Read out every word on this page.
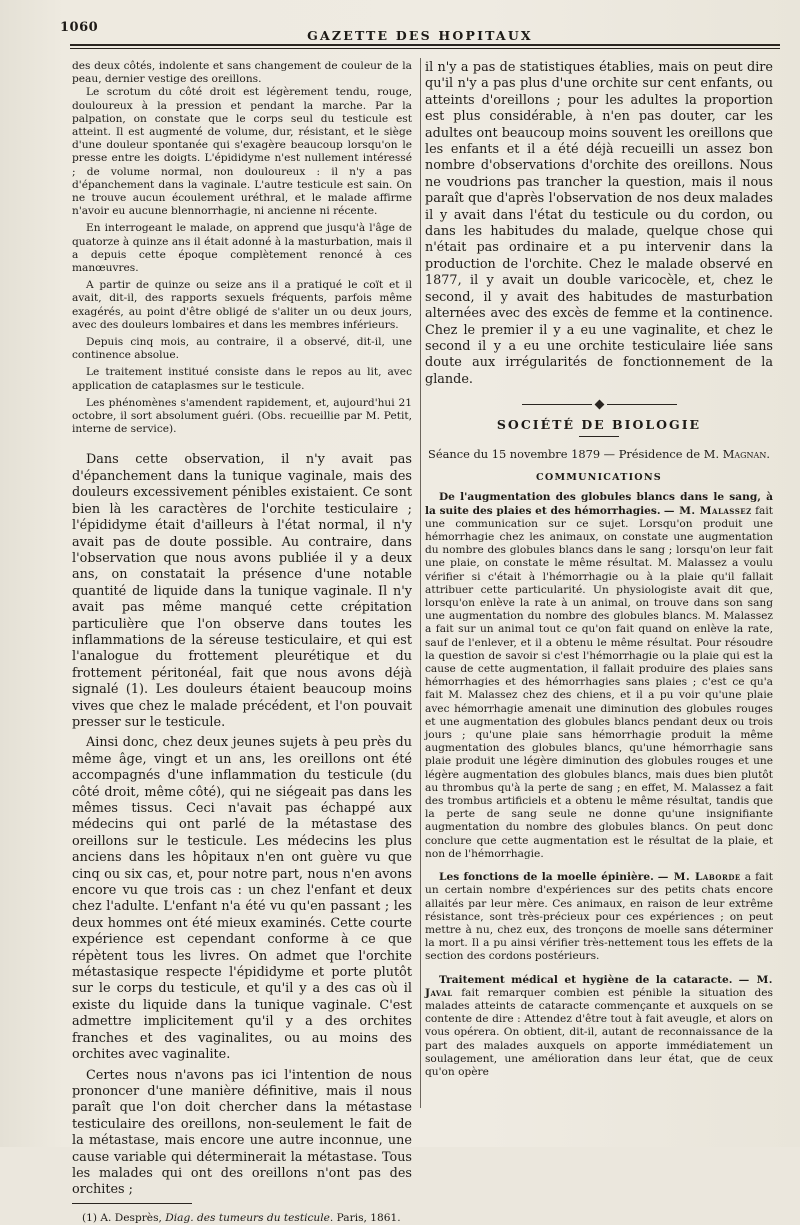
1060
GAZETTE DES HOPITAUX

des deux côtés, indolente et sans changement de couleur de la peau, dernier vestige des oreillons.

Le scrotum du côté droit est légèrement tendu, rouge, douloureux à la pression et pendant la marche. Par la palpation, on constate que le corps seul du testicule est atteint. Il est augmenté de volume, dur, résistant, et le siège d'une douleur spontanée qui s'exagère beaucoup lorsqu'on le presse entre les doigts. L'épididyme n'est nullement intéressé ; de volume normal, non douloureux : il n'y a pas d'épanchement dans la vaginale. L'autre testicule est sain. On ne trouve aucun écoulement uréthral, et le malade affirme n'avoir eu aucune blennorrhagie, ni ancienne ni récente.

En interrogeant le malade, on apprend que jusqu'à l'âge de quatorze à quinze ans il était adonné à la masturbation, mais il a depuis cette époque complètement renoncé à ces manœuvres.

A partir de quinze ou seize ans il a pratiqué le coït et il avait, dit-il, des rapports sexuels fréquents, parfois même exagérés, au point d'être obligé de s'aliter un ou deux jours, avec des douleurs lombaires et dans les membres inférieurs.

Depuis cinq mois, au contraire, il a observé, dit-il, une continence absolue.

Le traitement institué consiste dans le repos au lit, avec application de cataplasmes sur le testicule.

Les phénomènes s'amendent rapidement, et, aujourd'hui 21 octobre, il sort absolument guéri. (Obs. recueillie par M. Petit, interne de service).

Dans cette observation, il n'y avait pas d'épanchement dans la tunique vaginale, mais des douleurs excessivement pénibles existaient. Ce sont bien là les caractères de l'orchite testiculaire ; l'épididyme était d'ailleurs à l'état normal, il n'y avait pas de doute possible. Au contraire, dans l'observation que nous avons publiée il y a deux ans, on constatait la présence d'une notable quantité de liquide dans la tunique vaginale. Il n'y avait pas même manqué cette crépitation particulière que l'on observe dans toutes les inflammations de la séreuse testiculaire, et qui est l'analogue du frottement pleurétique et du frottement péritonéal, fait que nous avons déjà signalé (1). Les douleurs étaient beaucoup moins vives que chez le malade précédent, et l'on pouvait presser sur le testicule.

Ainsi donc, chez deux jeunes sujets à peu près du même âge, vingt et un ans, les oreillons ont été accompagnés d'une inflammation du testicule (du côté droit, même côté), qui ne siégeait pas dans les mêmes tissus. Ceci n'avait pas échappé aux médecins qui ont parlé de la métastase des oreillons sur le testicule. Les médecins les plus anciens dans les hôpitaux n'en ont guère vu que cinq ou six cas, et, pour notre part, nous n'en avons encore vu que trois cas : un chez l'enfant et deux chez l'adulte. L'enfant n'a été vu qu'en passant ; les deux hommes ont été mieux examinés. Cette courte expérience est cependant conforme à ce que répètent tous les livres. On admet que l'orchite métastasique respecte l'épididyme et porte plutôt sur le corps du testicule, et qu'il y a des cas où il existe du liquide dans la tunique vaginale. C'est admettre implicitement qu'il y a des orchites franches et des vaginalites, ou au moins des orchites avec vaginalite.

Certes nous n'avons pas ici l'intention de nous prononcer d'une manière définitive, mais il nous paraît que l'on doit chercher dans la métastase testiculaire des oreillons, non-seulement le fait de la métastase, mais encore une autre inconnue, une cause variable qui déterminerait la métastase. Tous les malades qui ont des oreillons n'ont pas des orchites ;

(1) A. Desprès, Diag. des tumeurs du testicule. Paris, 1861.

il n'y a pas de statistiques établies, mais on peut dire qu'il n'y a pas plus d'une orchite sur cent enfants, ou atteints d'oreillons ; pour les adultes la proportion est plus considérable, à n'en pas douter, car les adultes ont beaucoup moins souvent les oreillons que les enfants et il a été déjà recueilli un assez bon nombre d'observations d'orchite des oreillons. Nous ne voudrions pas trancher la question, mais il nous paraît que d'après l'observation de nos deux malades il y avait dans l'état du testicule ou du cordon, ou dans les habitudes du malade, quelque chose qui n'était pas ordinaire et a pu intervenir dans la production de l'orchite. Chez le malade observé en 1877, il y avait un double varicocèle, et, chez le second, il y avait des habitudes de masturbation alternées avec des excès de femme et la continence. Chez le premier il y a eu une vaginalite, et chez le second il y a eu une orchite testiculaire liée sans doute aux irrégularités de fonctionnement de la glande.

SOCIÉTÉ DE BIOLOGIE
Séance du 15 novembre 1879 — Présidence de M. Magnan.
COMMUNICATIONS

De l'augmentation des globules blancs dans le sang, à la suite des plaies et des hémorrhagies. — M. Malassez fait une communication sur ce sujet. Lorsqu'on produit une hémorrhagie chez les animaux, on constate une augmentation du nombre des globules blancs dans le sang ; lorsqu'on leur fait une plaie, on constate le même résultat. M. Malassez a voulu vérifier si c'était à l'hémorrhagie ou à la plaie qu'il fallait attribuer cette particularité. Un physiologiste avait dit que, lorsqu'on enlève la rate à un animal, on trouve dans son sang une augmentation du nombre des globules blancs. M. Malassez a fait sur un animal tout ce qu'on fait quand on enlève la rate, sauf de l'enlever, et il a obtenu le même résultat. Pour résoudre la question de savoir si c'est l'hémorrhagie ou la plaie qui est la cause de cette augmentation, il fallait produire des plaies sans hémorrhagies et des hémorrhagies sans plaies ; c'est ce qu'a fait M. Malassez chez des chiens, et il a pu voir qu'une plaie avec hémorrhagie amenait une diminution des globules rouges et une augmentation des globules blancs pendant deux ou trois jours ; qu'une plaie sans hémorrhagie produit la même augmentation des globules blancs, qu'une hémorrhagie sans plaie produit une légère diminution des globules rouges et une légère augmentation des globules blancs, mais dues bien plutôt au thrombus qu'à la perte de sang ; en effet, M. Malassez a fait des trombus artificiels et a obtenu le même résultat, tandis que la perte de sang seule ne donne qu'une insignifiante augmentation du nombre des globules blancs. On peut donc conclure que cette augmentation est le résultat de la plaie, et non de l'hémorrhagie.

Les fonctions de la moelle épinière. — M. Laborde a fait un certain nombre d'expériences sur des petits chats encore allaités par leur mère. Ces animaux, en raison de leur extrême résistance, sont très-précieux pour ces expériences ; on peut mettre à nu, chez eux, des tronçons de moelle sans déterminer la mort. Il a pu ainsi vérifier très-nettement tous les effets de la section des cordons postérieurs.

Traitement médical et hygiène de la cataracte. — M. Javal fait remarquer combien est pénible la situation des malades atteints de cataracte commençante et auxquels on se contente de dire : Attendez d'être tout à fait aveugle, et alors on vous opérera. On obtient, dit-il, autant de reconnaissance de la part des malades auxquels on apporte immédiatement un soulagement, une amélioration dans leur état, que de ceux qu'on opère
